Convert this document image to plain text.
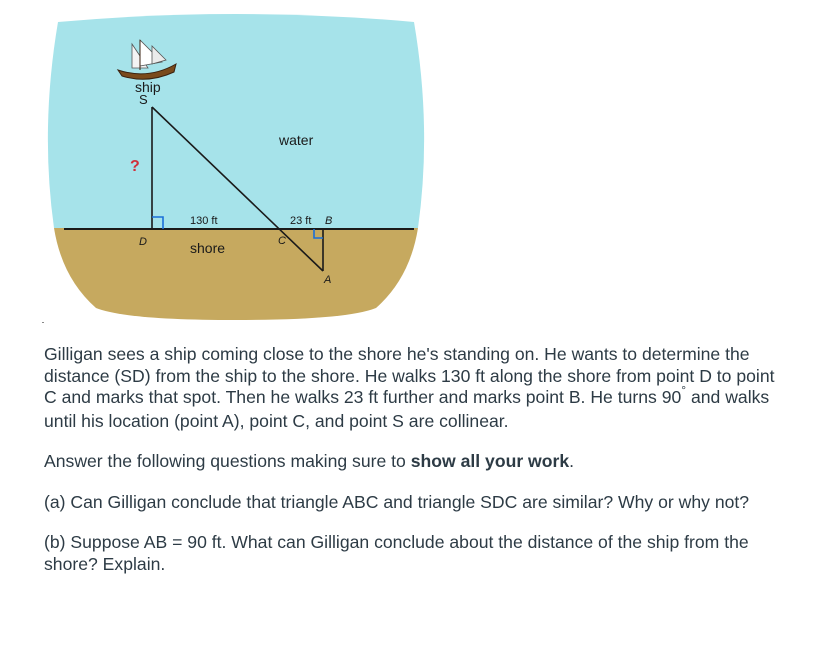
ship
S
?
water
130 ft	23 ft B
D	C
shore
A

Gilligan sees a ship coming close to the shore he's standing on. He wants to determine the distance (SD) from the ship to the shore. He walks 130 ft along the shore from point D to point C and marks that spot. Then he walks 23 ft further and marks point B. He turns 90° and walks until his location (point A), point C, and point S are collinear.

Answer the following questions making sure to show all your work.

(a) Can Gilligan conclude that triangle ABC and triangle SDC are similar? Why or why not?

(b) Suppose AB = 90 ft. What can Gilligan conclude about the distance of the ship from the shore? Explain.
